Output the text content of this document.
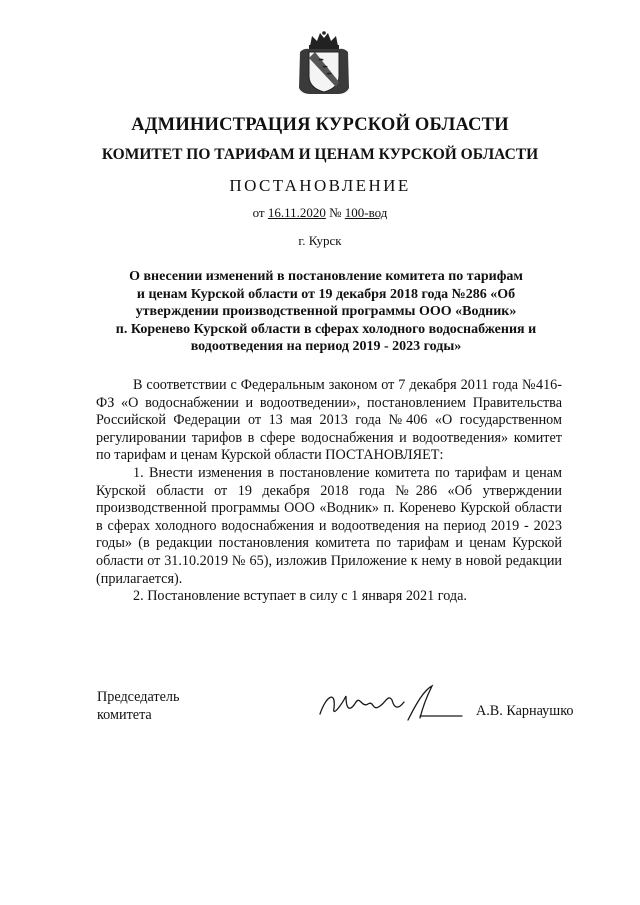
АДМИНИСТРАЦИЯ КУРСКОЙ ОБЛАСТИ
КОМИТЕТ ПО ТАРИФАМ И ЦЕНАМ КУРСКОЙ ОБЛАСТИ
ПОСТАНОВЛЕНИЕ
от 16.11.2020 № 100-вод
г. Курск
О внесении изменений в постановление комитета по тарифам
и ценам Курской области от 19 декабря 2018 года №286 «Об
утверждении производственной программы ООО «Водник»
п. Коренево Курской области в сферах холодного водоснабжения и
водоотведения на период 2019 - 2023 годы»

В соответствии с Федеральным законом от 7 декабря 2011 года №416-ФЗ «О водоснабжении и водоотведении», постановлением Правительства Российской Федерации от 13 мая 2013 года №406 «О государственном регулировании тарифов в сфере водоснабжения и водоотведения» комитет по тарифам и ценам Курской области ПОСТАНОВЛЯЕТ:

1. Внести изменения в постановление комитета по тарифам и ценам Курской области от 19 декабря 2018 года №286 «Об утверждении производственной программы ООО «Водник» п. Коренево Курской области в сферах холодного водоснабжения и водоотведения на период 2019 - 2023 годы» (в редакции постановления комитета по тарифам и ценам Курской области от 31.10.2019 № 65), изложив Приложение к нему в новой редакции (прилагается).

2. Постановление вступает в силу с 1 января 2021 года.

Председатель
комитета	А.В. Карнаушко
